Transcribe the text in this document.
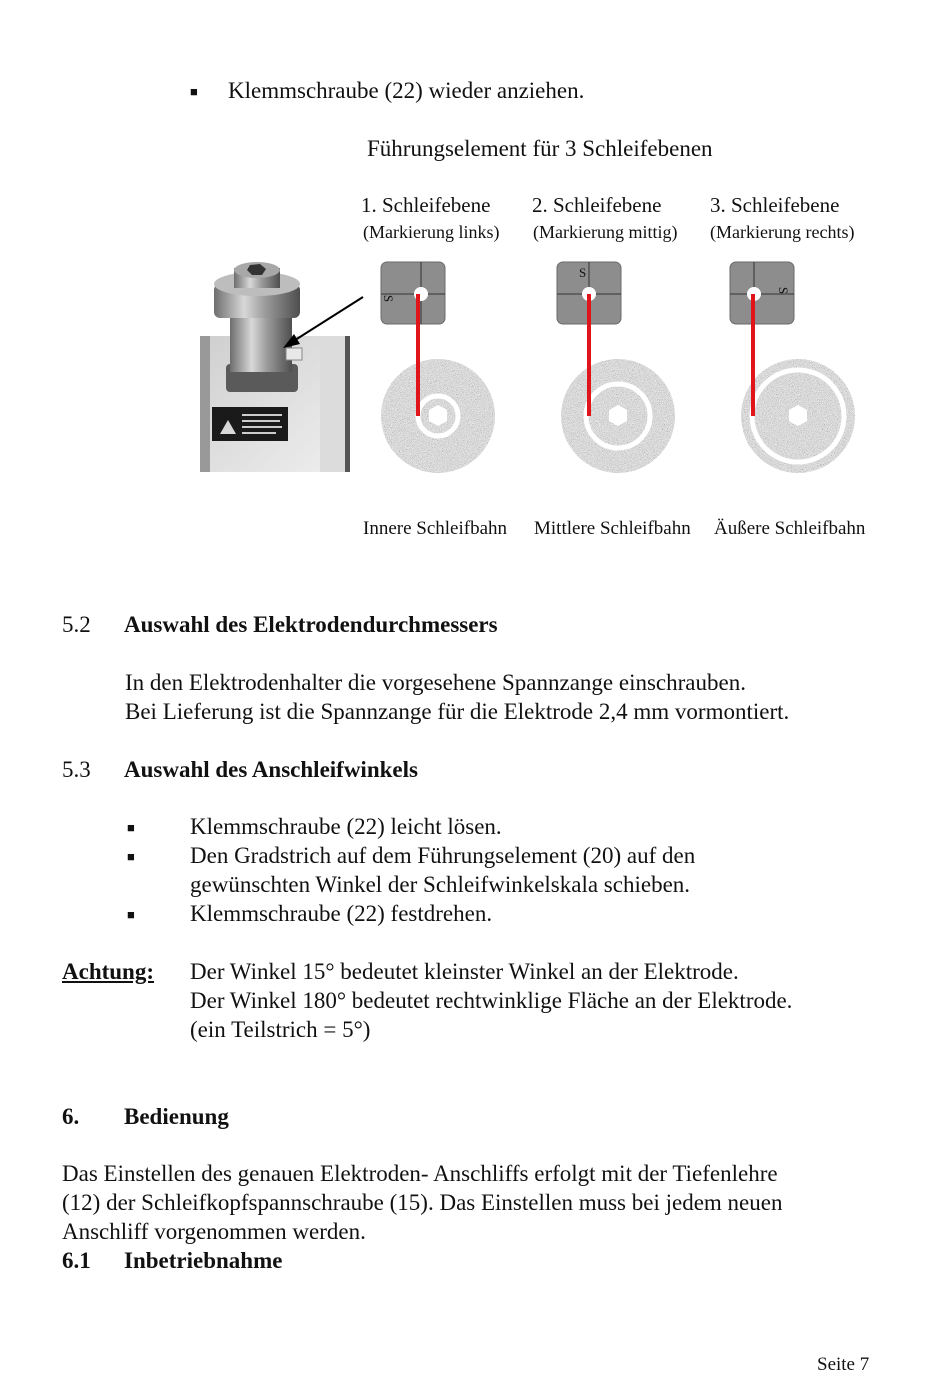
■ Klemmschraube (22) wieder anziehen.
Führungselement für 3 Schleifebenen
1. Schleifebene 2. Schleifebene 3. Schleifebene
(Markierung links) (Markierung mittig) (Markierung rechts)
S
S
S
Innere Schleifbahn Mittlere Schleifbahn Äußere Schleifbahn
5.2 Auswahl des Elektrodendurchmessers
In den Elektrodenhalter die vorgesehene Spannzange einschrauben.
Bei Lieferung ist die Spannzange für die Elektrode 2,4 mm vormontiert.
5.3 Auswahl des Anschleifwinkels
■ Klemmschraube (22) leicht lösen.
■ Den Gradstrich auf dem Führungselement (20) auf den
gewünschten Winkel der Schleifwinkelskala schieben.
■ Klemmschraube (22) festdrehen.
Achtung: Der Winkel 15° bedeutet kleinster Winkel an der Elektrode.
Der Winkel 180° bedeutet rechtwinklige Fläche an der Elektrode.
(ein Teilstrich = 5°)
6. Bedienung
Das Einstellen des genauen Elektroden- Anschliffs erfolgt mit der Tiefenlehre
(12) der Schleifkopfspannschraube (15). Das Einstellen muss bei jedem neuen
Anschliff vorgenommen werden.
6.1 Inbetriebnahme
Seite 7
